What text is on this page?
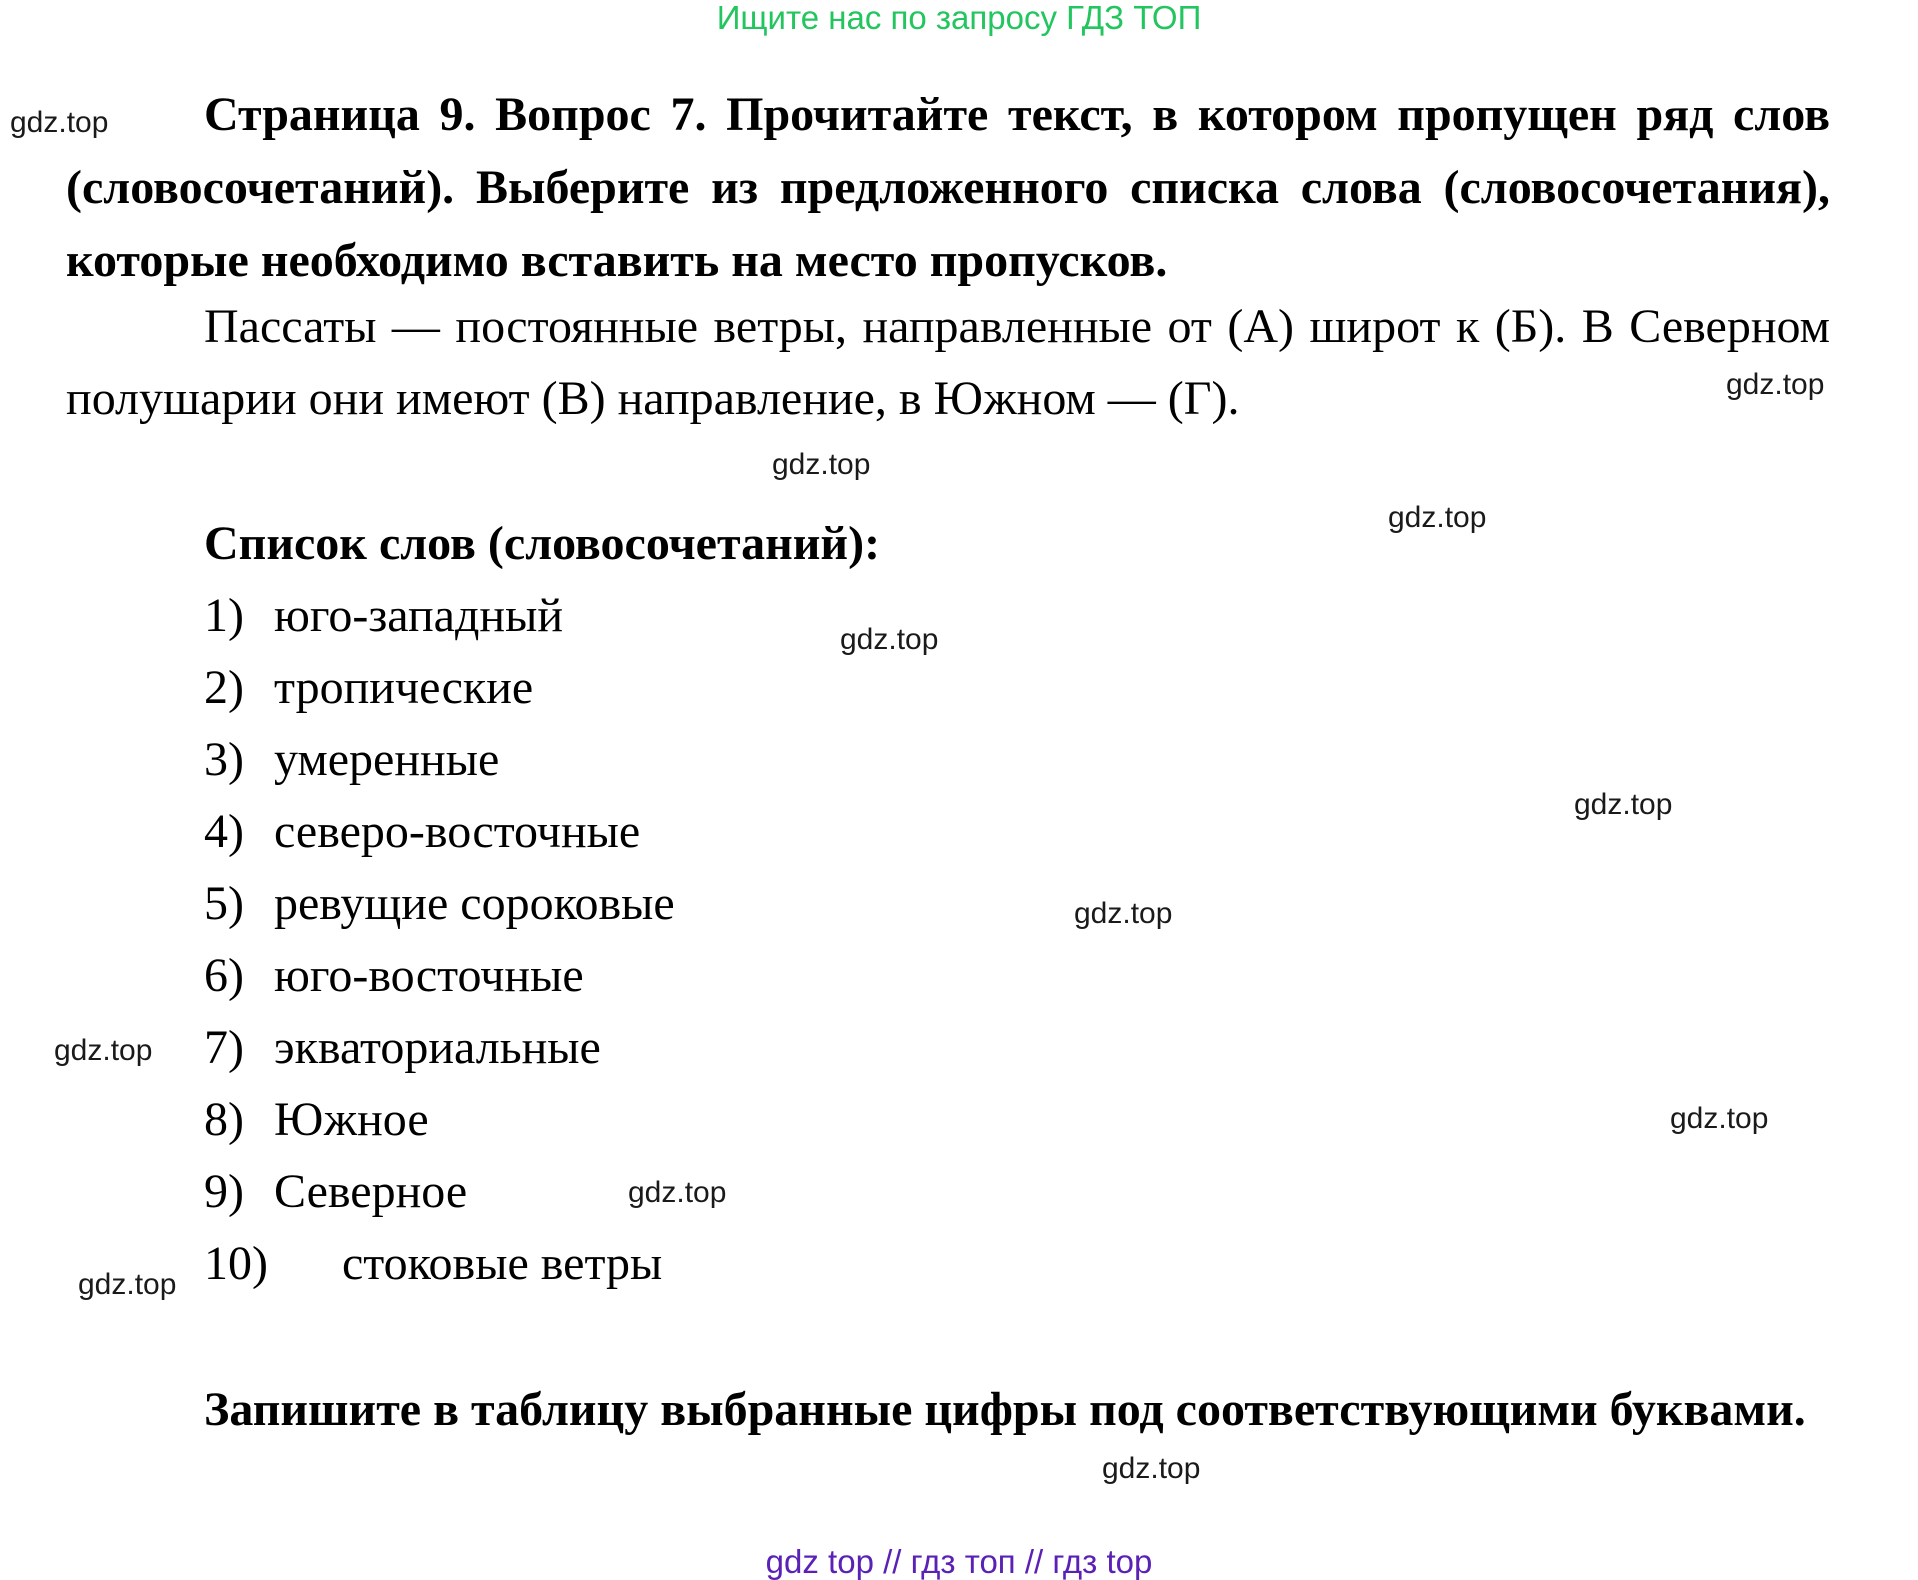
Ищите нас по запросу ГДЗ ТОП

Страница 9. Вопрос 7. Прочитайте текст, в котором пропущен ряд слов (словосочетаний). Выберите из предложенного списка слова (словосочетания), которые необходимо вставить на место пропусков.

Пассаты — постоянные ветры, направленные от (А) широт к (Б). В Северном полушарии они имеют (В) направление, в Южном — (Г).

Список слов (словосочетаний):

1) юго-западный
2) тропические
3) умеренные
4) северо-восточные
5) ревущие сороковые
6) юго-восточные
7) экваториальные
8) Южное
9) Северное
10) стоковые ветры

Запишите в таблицу выбранные цифры под соответствующими буквами.

gdz.top
gdz.top
gdz.top
gdz.top
gdz.top
gdz.top
gdz.top
gdz.top
gdz.top
gdz.top
gdz.top
gdz.top
gdz top // гдз топ // гдз top
